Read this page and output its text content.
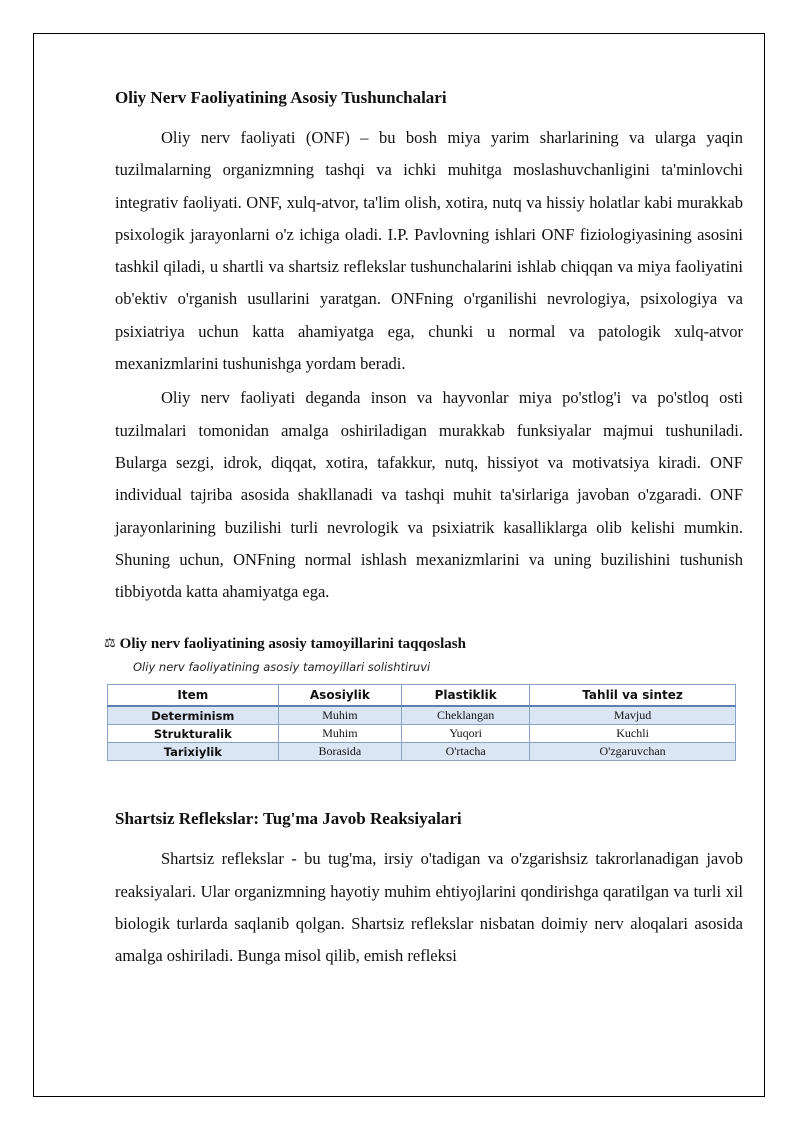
Oliy Nerv Faoliyatining Asosiy Tushunchalari

Oliy nerv faoliyati (ONF) – bu bosh miya yarim sharlarining va ularga yaqin tuzilmalarning organizmning tashqi va ichki muhitga moslashuvchanligini ta'minlovchi integrativ faoliyati. ONF, xulq-atvor, ta'lim olish, xotira, nutq va hissiy holatlar kabi murakkab psixologik jarayonlarni o'z ichiga oladi. I.P. Pavlovning ishlari ONF fiziologiyasining asosini tashkil qiladi, u shartli va shartsiz reflekslar tushunchalarini ishlab chiqqan va miya faoliyatini ob'ektiv o'rganish usullarini yaratgan. ONFning o'rganilishi nevrologiya, psixologiya va psixiatriya uchun katta ahamiyatga ega, chunki u normal va patologik xulq-atvor mexanizmlarini tushunishga yordam beradi.

Oliy nerv faoliyati deganda inson va hayvonlar miya po'stlog'i va po'stloq osti tuzilmalari tomonidan amalga oshiriladigan murakkab funksiyalar majmui tushuniladi. Bularga sezgi, idrok, diqqat, xotira, tafakkur, nutq, hissiyot va motivatsiya kiradi. ONF individual tajriba asosida shakllanadi va tashqi muhit ta'sirlariga javoban o'zgaradi. ONF jarayonlarining buzilishi turli nevrologik va psixiatrik kasalliklarga olib kelishi mumkin. Shuning uchun, ONFning normal ishlash mexanizmlarini va uning buzilishini tushunish tibbiyotda katta ahamiyatga ega.

⚖ Oliy nerv faoliyatining asosiy tamoyillarini taqqoslash
Oliy nerv faoliyatining asosiy tamoyillari solishtiruvi
Item	Asosiylik	Plastiklik	Tahlil va sintez
Determinism	Muhim	Cheklangan	Mavjud
Strukturalik	Muhim	Yuqori	Kuchli
Tarixiylik	Borasida	O'rtacha	O'zgaruvchan
Shartsiz Reflekslar: Tug'ma Javob Reaksiyalari

Shartsiz reflekslar - bu tug'ma, irsiy o'tadigan va o'zgarishsiz takrorlanadigan javob reaksiyalari. Ular organizmning hayotiy muhim ehtiyojlarini qondirishga qaratilgan va turli xil biologik turlarda saqlanib qolgan. Shartsiz reflekslar nisbatan doimiy nerv aloqalari asosida amalga oshiriladi. Bunga misol qilib, emish refleksi
